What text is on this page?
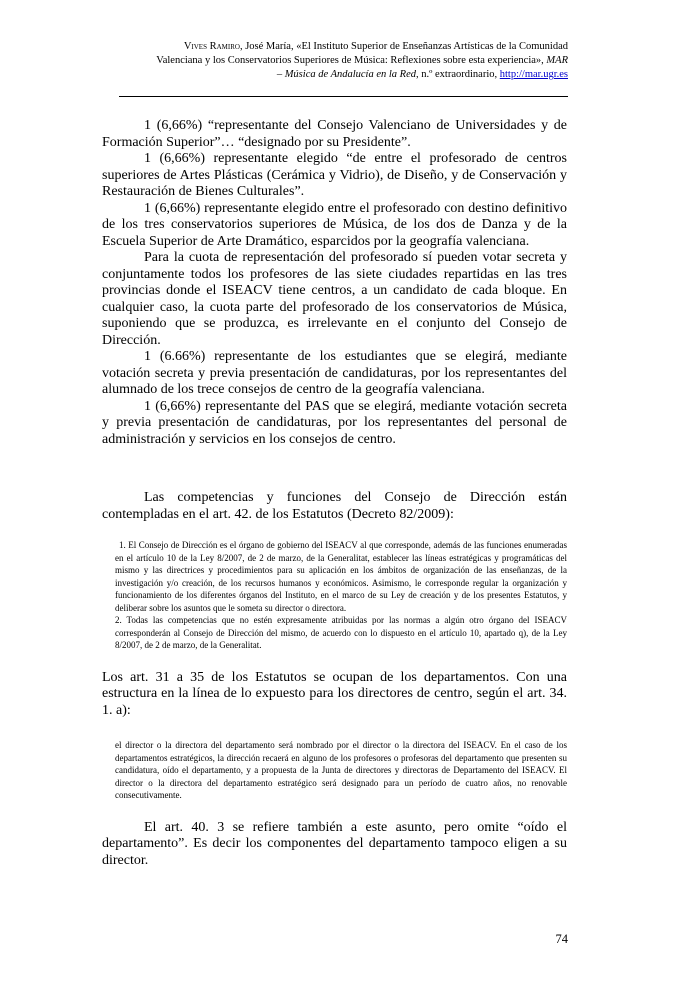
Vives Ramiro, José María, «El Instituto Superior de Enseñanzas Artísticas de la Comunidad
Valenciana y los Conservatorios Superiores de Música: Reflexiones sobre esta experiencia», MAR
– Música de Andalucía en la Red, n.º extraordinario, http://mar.ugr.es

1 (6,66%) “representante del Consejo Valenciano de Universidades y de Formación Superior”… “designado por su Presidente”.

1 (6,66%) representante elegido “de entre el profesorado de centros superiores de Artes Plásticas (Cerámica y Vidrio), de Diseño, y de Conservación y Restauración de Bienes Culturales”.

1 (6,66%) representante elegido entre el profesorado con destino definitivo de los tres conservatorios superiores de Música, de los dos de Danza y de la Escuela Superior de Arte Dramático, esparcidos por la geografía valenciana.

Para la cuota de representación del profesorado sí pueden votar secreta y conjuntamente todos los profesores de las siete ciudades repartidas en las tres provincias donde el ISEACV tiene centros, a un candidato de cada bloque. En cualquier caso, la cuota parte del profesorado de los conservatorios de Música, suponiendo que se produzca, es irrelevante en el conjunto del Consejo de Dirección.

1 (6.66%) representante de los estudiantes que se elegirá, mediante votación secreta y previa presentación de candidaturas, por los representantes del alumnado de los trece consejos de centro de la geografía valenciana.

1 (6,66%) representante del PAS que se elegirá, mediante votación secreta y previa presentación de candidaturas, por los representantes del personal de administración y servicios en los consejos de centro.

Las competencias y funciones del Consejo de Dirección están contempladas en el art. 42. de los Estatutos (Decreto 82/2009):

1. El Consejo de Dirección es el órgano de gobierno del ISEACV al que corresponde, además de las funciones enumeradas en el artículo 10 de la Ley 8/2007, de 2 de marzo, de la Generalitat, establecer las líneas estratégicas y programáticas del mismo y las directrices y procedimientos para su aplicación en los ámbitos de organización de las enseñanzas, de la investigación y/o creación, de los recursos humanos y económicos. Asimismo, le corresponde regular la organización y funcionamiento de los diferentes órganos del Instituto, en el marco de su Ley de creación y de los presentes Estatutos, y deliberar sobre los asuntos que le someta su director o directora.

2. Todas las competencias que no estén expresamente atribuidas por las normas a algún otro órgano del ISEACV corresponderán al Consejo de Dirección del mismo, de acuerdo con lo dispuesto en el artículo 10, apartado q), de la Ley 8/2007, de 2 de marzo, de la Generalitat.

Los art. 31 a 35 de los Estatutos se ocupan de los departamentos. Con una estructura en la línea de lo expuesto para los directores de centro, según el art. 34. 1. a):

el director o la directora del departamento será nombrado por el director o la directora del ISEACV. En el caso de los departamentos estratégicos, la dirección recaerá en alguno de los profesores o profesoras del departamento que presenten su candidatura, oído el departamento, y a propuesta de la Junta de directores y directoras de Departamento del ISEACV. El director o la directora del departamento estratégico será designado para un período de cuatro años, no renovable consecutivamente.

El art. 40. 3 se refiere también a este asunto, pero omite “oído el departamento”. Es decir los componentes del departamento tampoco eligen a su director.

74
